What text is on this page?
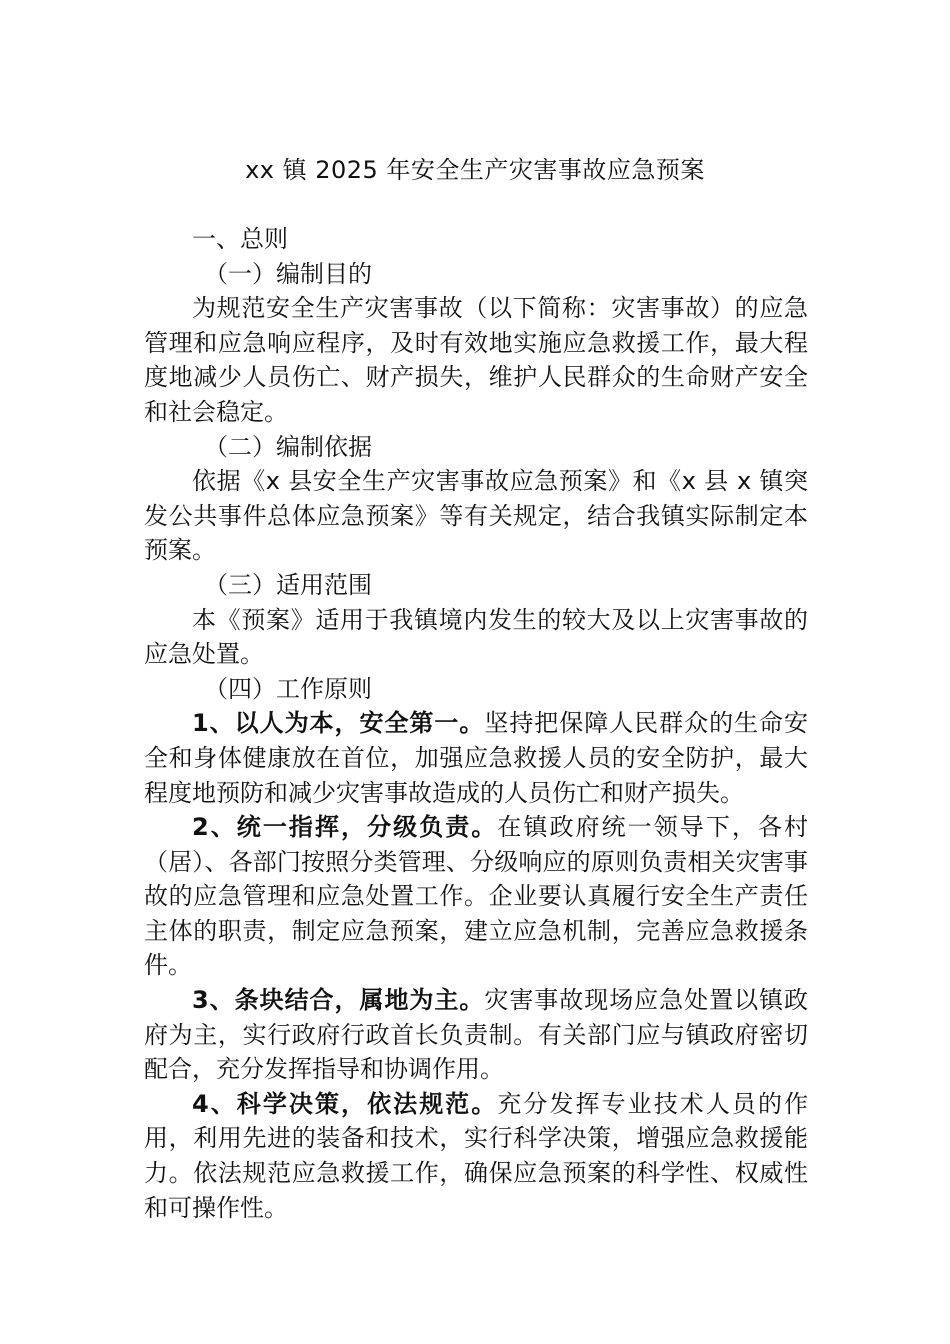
xx 镇 2025 年安全生产灾害事故应急预案

一、总则

（一）编制目的

为规范安全生产灾害事故（以下简称：灾害事故）的应急管理和应急响应程序，及时有效地实施应急救援工作，最大程度地减少人员伤亡、财产损失，维护人民群众的生命财产安全和社会稳定。

（二）编制依据

依据《x 县安全生产灾害事故应急预案》和《x 县 x 镇突发公共事件总体应急预案》等有关规定，结合我镇实际制定本预案。

（三）适用范围

本《预案》适用于我镇境内发生的较大及以上灾害事故的应急处置。

（四）工作原则

1、以人为本，安全第一。坚持把保障人民群众的生命安全和身体健康放在首位，加强应急救援人员的安全防护，最大程度地预防和减少灾害事故造成的人员伤亡和财产损失。

2、统一指挥，分级负责。在镇政府统一领导下，各村（居）、各部门按照分类管理、分级响应的原则负责相关灾害事故的应急管理和应急处置工作。企业要认真履行安全生产责任主体的职责，制定应急预案，建立应急机制，完善应急救援条件。

3、条块结合，属地为主。灾害事故现场应急处置以镇政府为主，实行政府行政首长负责制。有关部门应与镇政府密切配合，充分发挥指导和协调作用。

4、科学决策，依法规范。充分发挥专业技术人员的作用，利用先进的装备和技术，实行科学决策，增强应急救援能力。依法规范应急救援工作，确保应急预案的科学性、权威性和可操作性。
